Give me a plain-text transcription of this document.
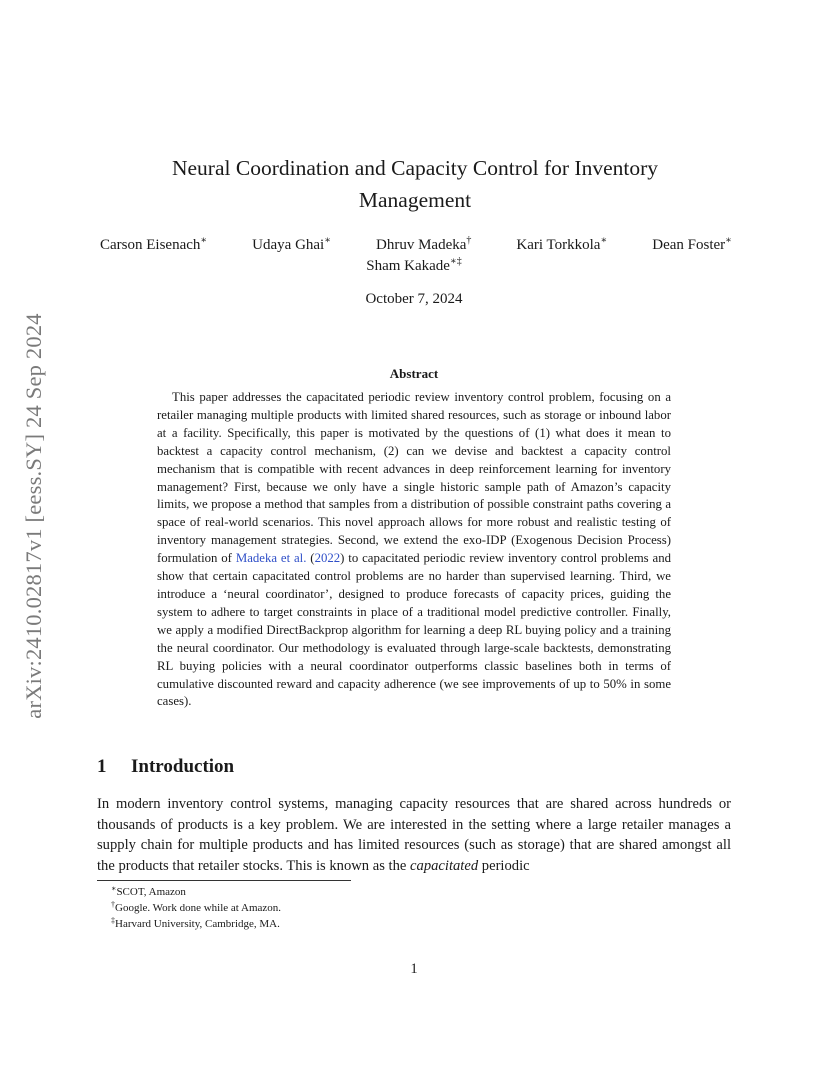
arXiv:2410.02817v1 [eess.SY] 24 Sep 2024
Neural Coordination and Capacity Control for Inventory Management
Carson Eisenach∗	Udaya Ghai∗	Dhruv Madeka†	Kari Torkkola∗	Dean Foster∗
Sham Kakade∗‡
October 7, 2024
Abstract

This paper addresses the capacitated periodic review inventory control problem, focusing on a retailer managing multiple products with limited shared resources, such as storage or inbound labor at a facility. Specifically, this paper is motivated by the questions of (1) what does it mean to backtest a capacity control mechanism, (2) can we devise and backtest a capacity control mechanism that is compatible with recent advances in deep reinforcement learning for inventory management? First, because we only have a single historic sample path of Amazon’s capacity limits, we propose a method that samples from a distribution of possible constraint paths covering a space of real-world scenarios. This novel approach allows for more robust and realistic testing of inventory management strategies. Second, we extend the exo-IDP (Exogenous Decision Process) formulation of Madeka et al. (2022) to capacitated periodic review inventory control problems and show that certain capacitated control problems are no harder than supervised learning. Third, we introduce a ‘neural coordinator’, designed to produce forecasts of capacity prices, guiding the system to adhere to target constraints in place of a traditional model predictive controller. Finally, we apply a modified DirectBackprop algorithm for learning a deep RL buying policy and a training the neural coordinator. Our methodology is evaluated through large-scale backtests, demonstrating RL buying policies with a neural coordinator outperforms classic baselines both in terms of cumulative discounted reward and capacity adherence (we see improvements of up to 50% in some cases).

1 Introduction

In modern inventory control systems, managing capacity resources that are shared across hundreds or thousands of products is a key problem. We are interested in the setting where a large retailer manages a supply chain for multiple products and has limited resources (such as storage) that are shared amongst all the products that retailer stocks. This is known as the capacitated periodic

∗SCOT, Amazon
†Google. Work done while at Amazon.
‡Harvard University, Cambridge, MA.
1
